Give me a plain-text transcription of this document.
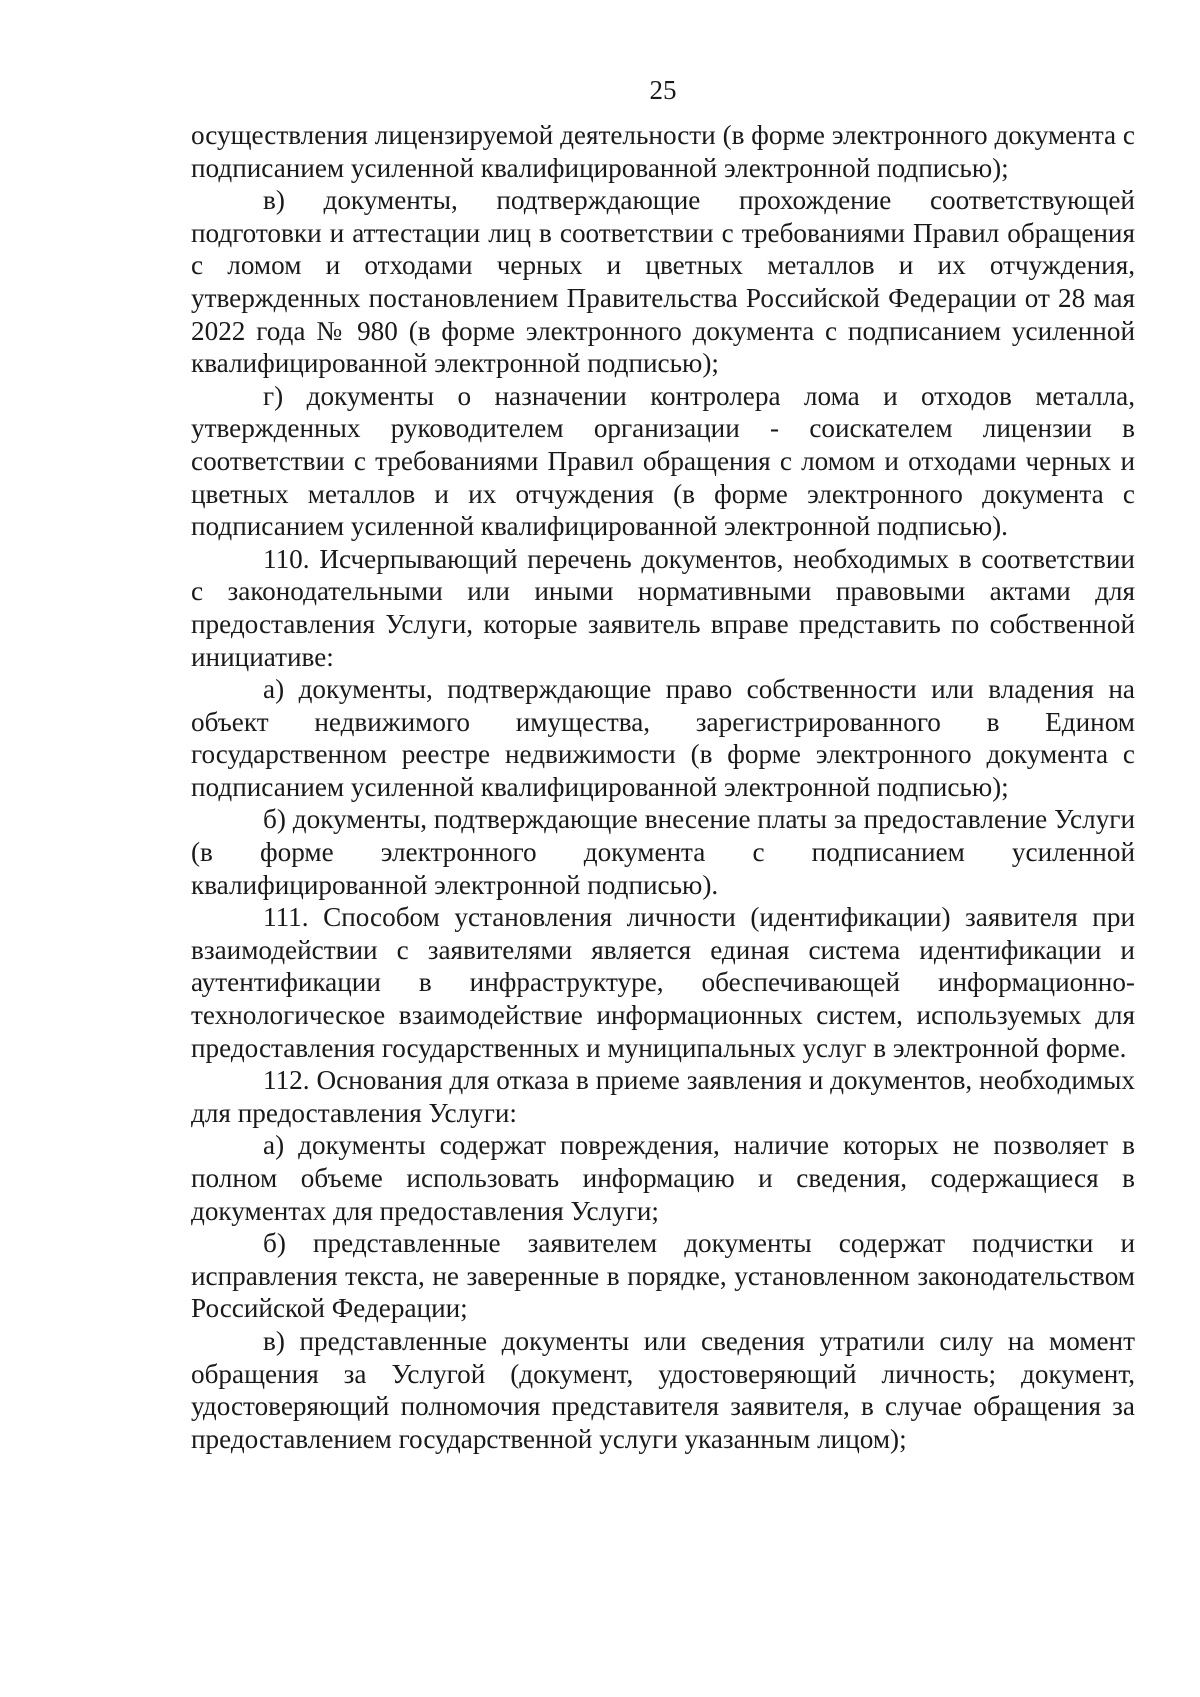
25

осуществления лицензируемой деятельности (в форме электронного документа с подписанием усиленной квалифицированной электронной подписью);

в) документы, подтверждающие прохождение соответствующей подготовки и аттестации лиц в соответствии с требованиями Правил обращения с ломом и отходами черных и цветных металлов и их отчуждения, утвержденных постановлением Правительства Российской Федерации от 28 мая 2022 года № 980 (в форме электронного документа с подписанием усиленной квалифицированной электронной подписью);

г) документы о назначении контролера лома и отходов металла, утвержденных руководителем организации - соискателем лицензии в соответствии с требованиями Правил обращения с ломом и отходами черных и цветных металлов и их отчуждения (в форме электронного документа с подписанием усиленной квалифицированной электронной подписью).

110. Исчерпывающий перечень документов, необходимых в соответствии с законодательными или иными нормативными правовыми актами для предоставления Услуги, которые заявитель вправе представить по собственной инициативе:

а) документы, подтверждающие право собственности или владения на объект недвижимого имущества, зарегистрированного в Едином государственном реестре недвижимости (в форме электронного документа с подписанием усиленной квалифицированной электронной подписью);

б) документы, подтверждающие внесение платы за предоставление Услуги (в форме электронного документа с подписанием усиленной квалифицированной электронной подписью).

111. Способом установления личности (идентификации) заявителя при взаимодействии с заявителями является единая система идентификации и аутентификации в инфраструктуре, обеспечивающей информационно-технологическое взаимодействие информационных систем, используемых для предоставления государственных и муниципальных услуг в электронной форме.

112. Основания для отказа в приеме заявления и документов, необходимых для предоставления Услуги:

а) документы содержат повреждения, наличие которых не позволяет в полном объеме использовать информацию и сведения, содержащиеся в документах для предоставления Услуги;

б) представленные заявителем документы содержат подчистки и исправления текста, не заверенные в порядке, установленном законодательством Российской Федерации;

в) представленные документы или сведения утратили силу на момент обращения за Услугой (документ, удостоверяющий личность; документ, удостоверяющий полномочия представителя заявителя, в случае обращения за предоставлением государственной услуги указанным лицом);
